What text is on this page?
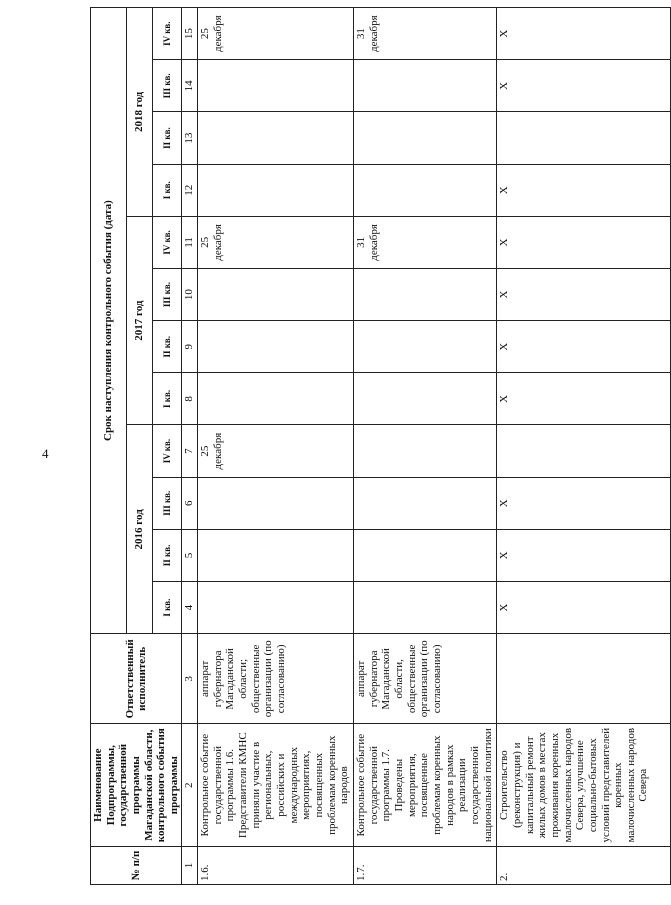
4
№ п/п	Наименование Подпрограммы, государственной программы Магаданской области, контрольного события программы	Ответственный исполнитель	Срок наступления контрольного события (дата)											
			2016 год				2017 год				2018 год			
			I кв.	II кв.	III кв.	IV кв.	I кв.	II кв.	III кв.	IV кв.	I кв.	II кв.	III кв.	IV кв.
1	2	3	4	5	6	7	8	9	10	11	12	13	14	15
1.6.	Контрольное событие государственной программы 1.6. Представители КМНС приняли участие в региональных, российских и международных мероприятиях, посвященных проблемам коренных народов	аппарат губернатора Магаданской области; общественные организации (по согласованию)				25 декабря				25 декабря				25 декабря
1.7.	Контрольное событие государственной программы 1.7. Проведены мероприятия, посвященные проблемам коренных народов в рамках реализации государственной национальной политики	аппарат губернатора Магаданской области, общественные организации (по согласованию)								31 декабря				31 декабря
2.	Строительство (реконструкция) и капитальный ремонт жилых домов в местах проживания коренных малочисленных народов Севера, улучшение социально-бытовых условий представителей коренных малочисленных народов Севера		X	X	X		X	X	X	X	X		X	X
